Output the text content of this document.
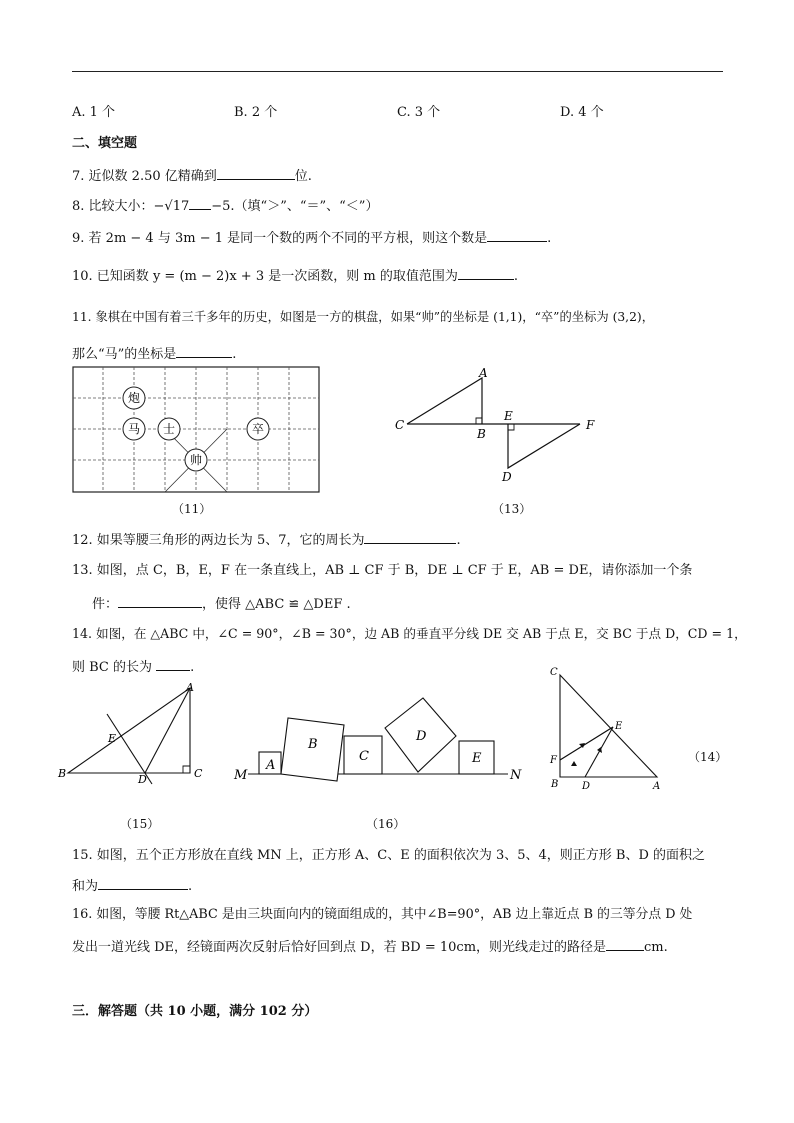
A. 1 个	B. 2 个	C. 3 个	D. 4 个
二、填空题
7. 近似数 2.50 亿精确到	位.
8. 比较大小：−√17 −5.（填“＞”、“＝”、“＜”）
9. 若 2m − 4 与 3m − 1 是同一个数的两个不同的平方根，则这个数是	.
10. 已知函数 y = (m − 2)x + 3 是一次函数，则 m 的取值范围为	.
11. 象棋在中国有着三千多年的历史，如图是一方的棋盘，如果“帅”的坐标是 (1,1)，“卒”的坐标为 (3,2)，
那么“马”的坐标是	.
炮
马 士
帅
卒
（11）
A
B
C
E
F
D
（13）
12. 如果等腰三角形的两边长为 5、7，它的周长为	.
13. 如图，点 C，B，E，F 在一条直线上，AB ⊥ CF 于 B，DE ⊥ CF 于 E，AB = DE，请你添加一个条
件：	，使得 △ABC ≌ △DEF .
14. 如图，在 △ABC 中，∠C = 90°，∠B = 30°，边 AB 的垂直平分线 DE 交 AB 于点 E，交 BC 于点 D，CD = 1，
则 BC 的长为	.
A
E
B	D	C
（15）
M
A
B
C
D
E
N
（16）
C
E
F
B D	A
（14）
15. 如图，五个正方形放在直线 MN 上，正方形 A、C、E 的面积依次为 3、5、4，则正方形 B、D 的面积之
和为	.
16. 如图，等腰 Rt△ABC 是由三块面向内的镜面组成的，其中∠B=90°，AB 边上靠近点 B 的三等分点 D 处
发出一道光线 DE，经镜面两次反射后恰好回到点 D，若 BD = 10cm，则光线走过的路径是	cm.
三．解答题（共 10 小题，满分 102 分）
